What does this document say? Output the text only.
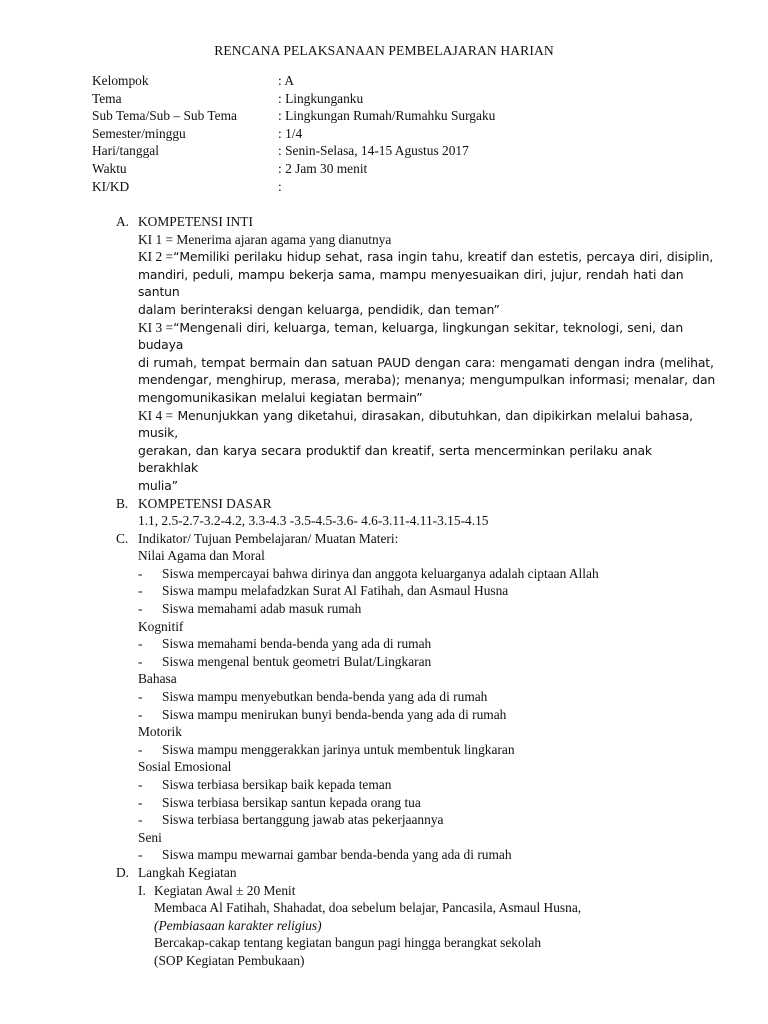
RENCANA PELAKSANAAN PEMBELAJARAN HARIAN
Kelompok	: A
Tema	: Lingkunganku
Sub Tema/Sub – Sub Tema	: Lingkungan Rumah/Rumahku Surgaku
Semester/minggu	: 1/4
Hari/tanggal	: Senin-Selasa, 14-15 Agustus 2017
Waktu	: 2 Jam 30 menit
KI/KD	:
A. KOMPETENSI INTI
KI 1 = Menerima ajaran agama yang dianutnya
KI 2 =“Memiliki perilaku hidup sehat, rasa ingin tahu, kreatif dan estetis, percaya diri, disiplin,
mandiri, peduli, mampu bekerja sama, mampu menyesuaikan diri, jujur, rendah hati dan santun
dalam berinteraksi dengan keluarga, pendidik, dan teman”
KI 3 =“Mengenali diri, keluarga, teman, keluarga, lingkungan sekitar, teknologi, seni, dan budaya
di rumah, tempat bermain dan satuan PAUD dengan cara: mengamati dengan indra (melihat,
mendengar, menghirup, merasa, meraba); menanya; mengumpulkan informasi; menalar, dan
mengomunikasikan melalui kegiatan bermain”
KI 4 = Menunjukkan yang diketahui, dirasakan, dibutuhkan, dan dipikirkan melalui bahasa, musik,
gerakan, dan karya secara produktif dan kreatif, serta mencerminkan perilaku anak berakhlak
mulia”
B. KOMPETENSI DASAR
1.1, 2.5-2.7-3.2-4.2, 3.3-4.3 -3.5-4.5-3.6- 4.6-3.11-4.11-3.15-4.15
C. Indikator/ Tujuan Pembelajaran/ Muatan Materi:
Nilai Agama dan Moral
- Siswa mempercayai bahwa dirinya dan anggota keluarganya adalah ciptaan Allah
- Siswa mampu melafadzkan Surat Al Fatihah, dan Asmaul Husna
- Siswa memahami adab masuk rumah
Kognitif
- Siswa memahami benda-benda yang ada di rumah
- Siswa mengenal bentuk geometri Bulat/Lingkaran
Bahasa
- Siswa mampu menyebutkan benda-benda yang ada di rumah
- Siswa mampu menirukan bunyi benda-benda yang ada di rumah
Motorik
- Siswa mampu menggerakkan jarinya untuk membentuk lingkaran
Sosial Emosional
- Siswa terbiasa bersikap baik kepada teman
- Siswa terbiasa bersikap santun kepada orang tua
- Siswa terbiasa bertanggung jawab atas pekerjaannya
Seni
- Siswa mampu mewarnai gambar benda-benda yang ada di rumah
D. Langkah Kegiatan
I. Kegiatan Awal ± 20 Menit
Membaca Al Fatihah, Shahadat, doa sebelum belajar, Pancasila, Asmaul Husna,
(Pembiasaan karakter religius)
Bercakap-cakap tentang kegiatan bangun pagi hingga berangkat sekolah
(SOP Kegiatan Pembukaan)
